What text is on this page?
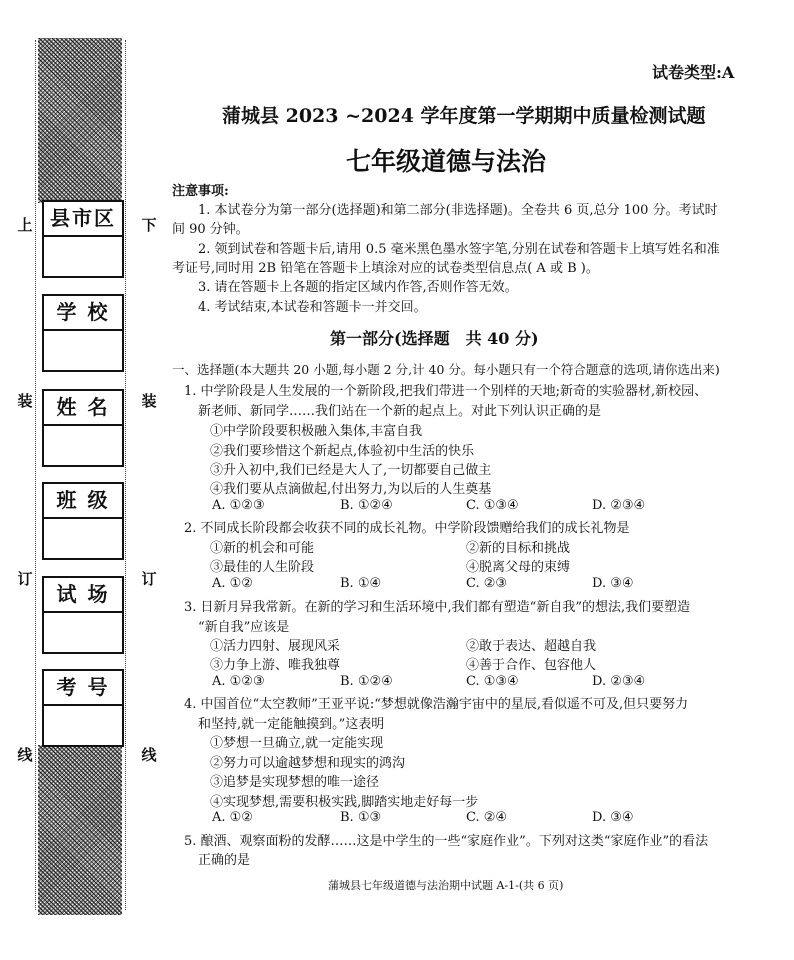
上	下
装	装
订	订
线	线
县市区
学 校
姓 名
班 级
试 场
考 号
试卷类型:A
蒲城县 2023 ~2024 学年度第一学期期中质量检测试题
七年级道德与法治
注意事项:
1. 本试卷分为第一部分(选择题)和第二部分(非选择题)。全卷共 6 页,总分 100 分。考试时
间 90 分钟。
2. 领到试卷和答题卡后,请用 0.5 毫米黑色墨水签字笔,分别在试卷和答题卡上填写姓名和准
考证号,同时用 2B 铅笔在答题卡上填涂对应的试卷类型信息点( A 或 B )。
3. 请在答题卡上各题的指定区域内作答,否则作答无效。
4. 考试结束,本试卷和答题卡一并交回。
第一部分(选择题　共 40 分)
一、选择题(本大题共 20 小题,每小题 2 分,计 40 分。每小题只有一个符合题意的选项,请你选出来)
1. 中学阶段是人生发展的一个新阶段,把我们带进一个别样的天地;新奇的实验器材,新校园、
新老师、新同学……我们站在一个新的起点上。对此下列认识正确的是
①中学阶段要积极融入集体,丰富自我
②我们要珍惜这个新起点,体验初中生活的快乐
③升入初中,我们已经是大人了,一切都要自己做主
④我们要从点滴做起,付出努力,为以后的人生奠基
A. ①②③	B. ①②④	C. ①③④	D. ②③④
2. 不同成长阶段都会收获不同的成长礼物。中学阶段馈赠给我们的成长礼物是
①新的机会和可能	②新的目标和挑战
③最佳的人生阶段	④脱离父母的束缚
A. ①②	B. ①④	C. ②③	D. ③④
3. 日新月异我常新。在新的学习和生活环境中,我们都有塑造“新自我”的想法,我们要塑造
“新自我”应该是
①活力四射、展现风采	②敢于表达、超越自我
③力争上游、唯我独尊	④善于合作、包容他人
A. ①②③	B. ①②④	C. ①③④	D. ②③④
4. 中国首位“太空教师”王亚平说:“梦想就像浩瀚宇宙中的星辰,看似遥不可及,但只要努力
和坚持,就一定能触摸到。”这表明
①梦想一旦确立,就一定能实现
②努力可以逾越梦想和现实的鸿沟
③追梦是实现梦想的唯一途径
④实现梦想,需要积极实践,脚踏实地走好每一步
A. ①②	B. ①③	C. ②④	D. ③④
5. 酿酒、观察面粉的发酵……这是中学生的一些“家庭作业”。下列对这类“家庭作业”的看法
正确的是
蒲城县七年级道德与法治期中试题 A-1-(共 6 页)
